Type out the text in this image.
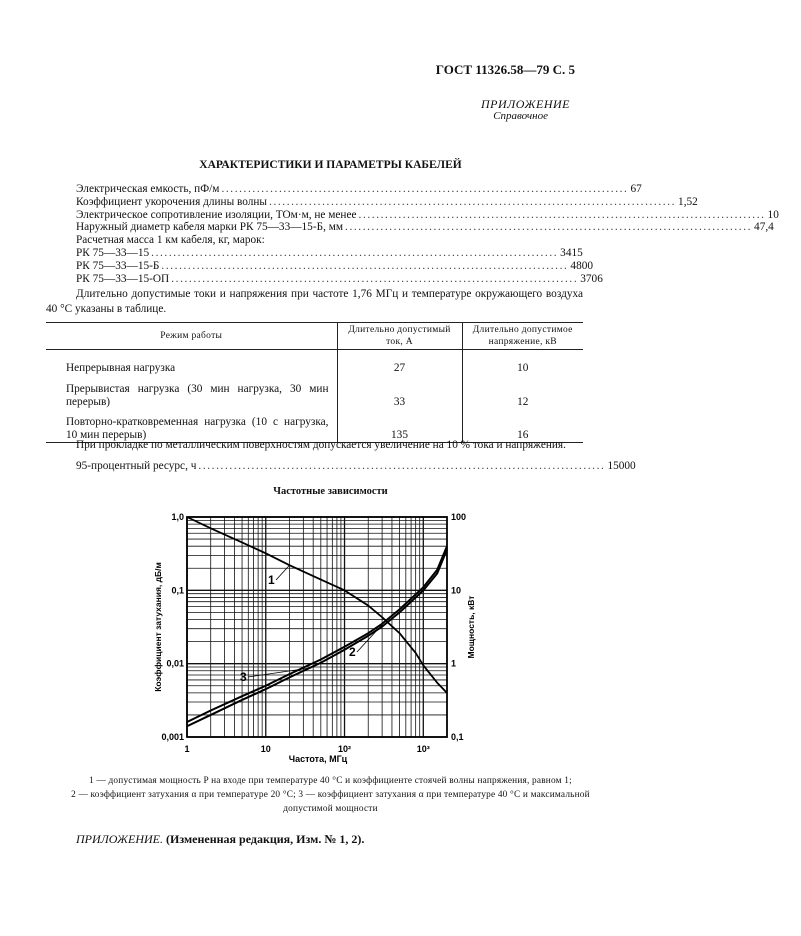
ГОСТ 11326.58—79 С. 5
ПРИЛОЖЕНИЕ
Справочное
ХАРАКТЕРИСТИКИ И ПАРАМЕТРЫ КАБЕЛЕЙ
Электрическая емкость, пФ/м ............................................................................................ 67
Коэффициент укорочения длины волны ............................................................................................ 1,52
Электрическое сопротивление изоляции, ТОм·м, не менее ............................................................................................ 10
Наружный диаметр кабеля марки РК 75—33—15-Б, мм ............................................................................................ 47,4
Расчетная масса 1 км кабеля, кг, марок:
РК 75—33—15 ............................................................................................ 3415
РК 75—33—15-Б ............................................................................................ 4800
РК 75—33—15-ОП ............................................................................................ 3706
Длительно допустимые токи и напряжения при частоте 1,76 МГц и температуре окружающего воздуха 40 °С указаны в таблице.
Режим работы	Длительно допустимый ток, А	Длительно допустимое напряжение, кВ
Непрерывная нагрузка	27	10
Прерывистая нагрузка (30 мин нагрузка, 30 мин перерыв)	33	12
Повторно-кратковременная нагрузка (10 с нагрузка, 10 мин перерыв)	135	16
При прокладке по металлическим поверхностям допускается увеличение на 10 % тока и напряжения.
95-процентный ресурс, ч ............................................................................................ 15000
Частотные зависимости
1
2
3
1	10	10²	10³
0,001
0,01
0,1
1,0
0,1
1
10
100
Частота, МГц
Коэффициент затухания, дБ/м	Мощность, кВт
1 — допустимая мощность P на входе при температуре 40 °С и коэффициенте стоячей волны напряжения, равном 1;
2 — коэффициент затухания α при температуре 20 °С; 3 — коэффициент затухания α при температуре 40 °С и максимальной допустимой мощности
ПРИЛОЖЕНИЕ. (Измененная редакция, Изм. № 1, 2).
